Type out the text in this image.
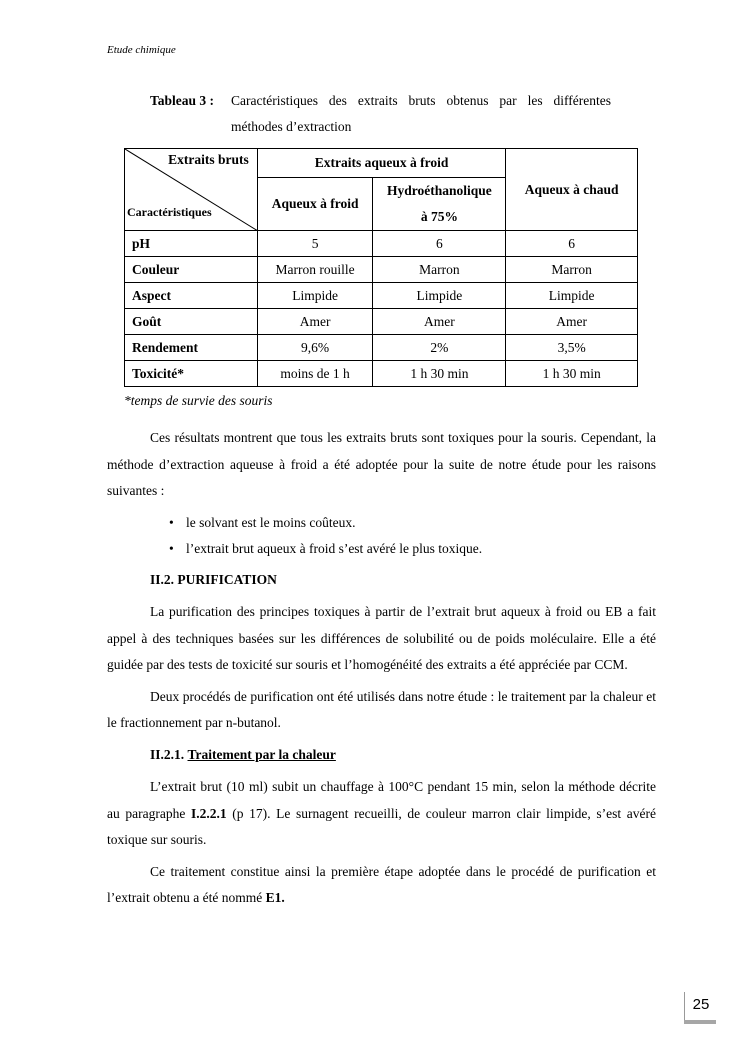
Etude chimique
Tableau 3 : Caractéristiques des extraits bruts obtenus par les différentes
méthodes d’extraction
Extraits bruts
Caractéristiques	Extraits aqueux à froid		Aqueux à chaud
	Aqueux à froid	Hydroéthanolique
à 75%	
pH	5	6	6
Couleur	Marron rouille	Marron	Marron
Aspect	Limpide	Limpide	Limpide
Goût	Amer	Amer	Amer
Rendement	9,6%	2%	3,5%
Toxicité*	moins de 1 h	1 h 30 min	1 h 30 min
*temps de survie des souris

Ces résultats montrent que tous les extraits bruts sont toxiques pour la souris. Cependant, la méthode d’extraction aqueuse à froid a été adoptée pour la suite de notre étude pour les raisons suivantes :

• le solvant est le moins coûteux.
• l’extrait brut aqueux à froid s’est avéré le plus toxique.
II.2. PURIFICATION

La purification des principes toxiques à partir de l’extrait brut aqueux à froid ou EB a fait appel à des techniques basées sur les différences de solubilité ou de poids moléculaire. Elle a été guidée par des tests de toxicité sur souris et l’homogénéité des extraits a été appréciée par CCM.

Deux procédés de purification ont été utilisés dans notre étude : le traitement par la chaleur et le fractionnement par n-butanol.

II.2.1. Traitement par la chaleur

L’extrait brut (10 ml) subit un chauffage à 100°C pendant 15 min, selon la méthode décrite au paragraphe I.2.2.1 (p 17). Le surnagent recueilli, de couleur marron clair limpide, s’est avéré toxique sur souris.

Ce traitement constitue ainsi la première étape adoptée dans le procédé de purification et l’extrait obtenu a été nommé E1.

25
